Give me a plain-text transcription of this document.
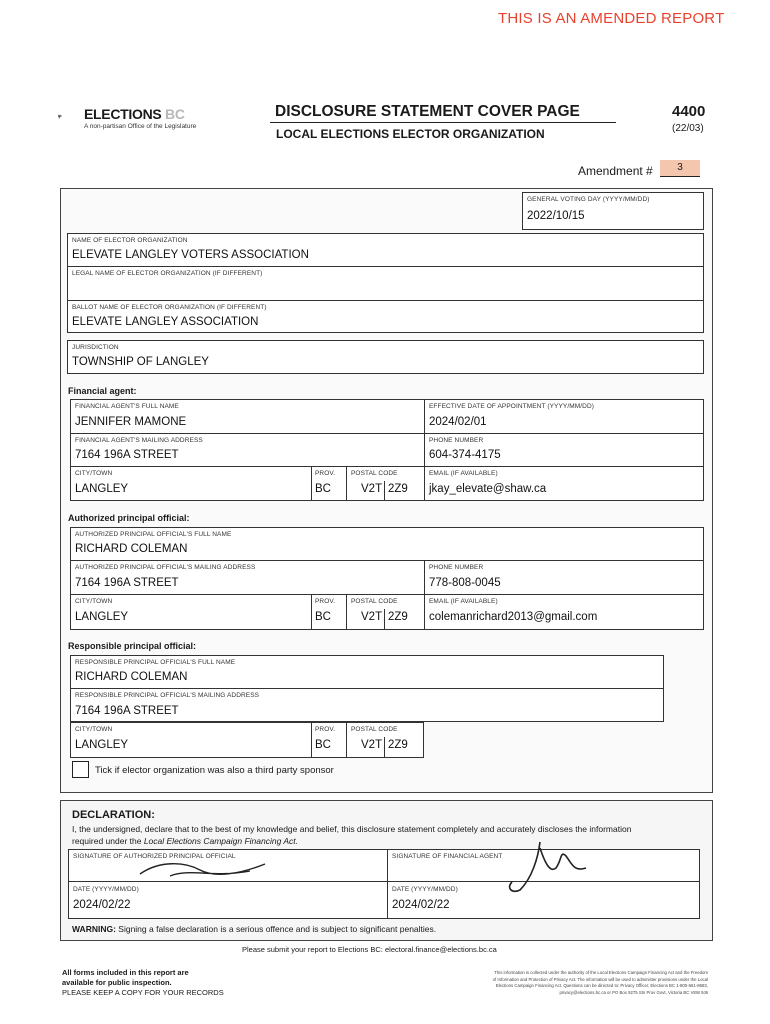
THIS IS AN AMENDED REPORT
ELECTIONS BC
A non-partisan Office of the Legislature
DISCLOSURE STATEMENT COVER PAGE
LOCAL ELECTIONS ELECTOR ORGANIZATION
4400
(22/03)
Amendment #	3
GENERAL VOTING DAY (YYYY/MM/DD)
2022/10/15
NAME OF ELECTOR ORGANIZATION
ELEVATE LANGLEY VOTERS ASSOCIATION
LEGAL NAME OF ELECTOR ORGANIZATION (IF DIFFERENT)
BALLOT NAME OF ELECTOR ORGANIZATION (IF DIFFERENT)
ELEVATE LANGLEY ASSOCIATION
JURISDICTION
TOWNSHIP OF LANGLEY
Financial agent:
FINANCIAL AGENT'S FULL NAME
JENNIFER MAMONE
EFFECTIVE DATE OF APPOINTMENT (YYYY/MM/DD)
2024/02/01
FINANCIAL AGENT'S MAILING ADDRESS
7164 196A STREET
PHONE NUMBER
604-374-4175
CITY/TOWN
LANGLEY
PROV.
BC
POSTAL CODE
V2T 2Z9
EMAIL (IF AVAILABLE)
jkay_elevate@shaw.ca
Authorized principal official:
AUTHORIZED PRINCIPAL OFFICIAL'S FULL NAME
RICHARD COLEMAN
AUTHORIZED PRINCIPAL OFFICIAL'S MAILING ADDRESS
7164 196A STREET
PHONE NUMBER
778-808-0045
CITY/TOWN
LANGLEY
PROV.
BC
POSTAL CODE
V2T 2Z9
EMAIL (IF AVAILABLE)
colemanrichard2013@gmail.com
Responsible principal official:
RESPONSIBLE PRINCIPAL OFFICIAL'S FULL NAME
RICHARD COLEMAN
RESPONSIBLE PRINCIPAL OFFICIAL'S MAILING ADDRESS
7164 196A STREET
CITY/TOWN
LANGLEY
PROV.
BC
POSTAL CODE
V2T 2Z9
Tick if elector organization was also a third party sponsor
DECLARATION:
I, the undersigned, declare that to the best of my knowledge and belief, this disclosure statement completely and accurately discloses the information
required under the Local Elections Campaign Financing Act.
SIGNATURE OF AUTHORIZED PRINCIPAL OFFICIAL	SIGNATURE OF FINANCIAL AGENT
DATE (YYYY/MM/DD)
2024/02/22
DATE (YYYY/MM/DD)
2024/02/22
WARNING: Signing a false declaration is a serious offence and is subject to significant penalties.
Please submit your report to Elections BC: electoral.finance@elections.bc.ca
All forms included in this report are
available for public inspection.
PLEASE KEEP A COPY FOR YOUR RECORDS
This information is collected under the authority of the Local Elections Campaign Financing Act and the Freedom
of Information and Protection of Privacy Act. The information will be used to administer provisions under the Local
Elections Campaign Financing Act. Questions can be directed to: Privacy Officer, Elections BC 1-800-661-8683,
privacy@elections.bc.ca or PO Box 9275 Stn Prov Govt, Victoria BC V8W 9J6
